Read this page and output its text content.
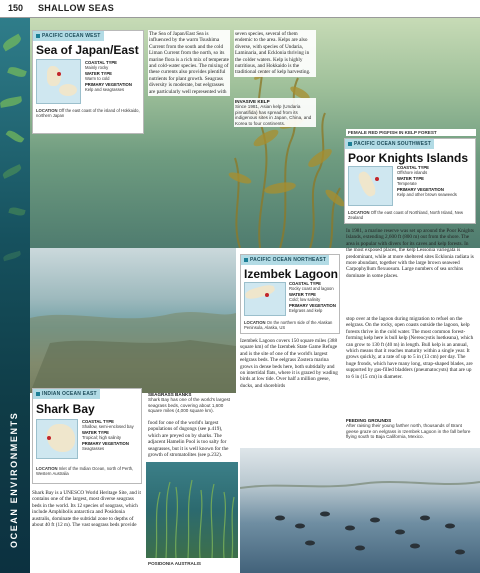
150 SHALLOW SEAS
OCEAN ENVIRONMENTS
PACIFIC OCEAN WEST
Sea of Japan/East
COASTAL TYPE
Mainly rocky
WATER TYPE
Warm to cold
PRIMARY VEGETATION
Kelp and seagrasses
LOCATION Off the east coast of the island of Hokkaido, northern Japan
The Sea of Japan/East Sea is influenced by the warm Tsushima Current from the south and the cold Liman Current from the north, so its marine flora is a rich mix of temperate and cold-water species. The mixing of these currents also provides plentiful nutrients for plant growth. Seagrass diversity is moderate, but eelgrasses are particularly well represented with
seven species, several of them endemic to the area. Kelps are also diverse, with species of Undaria, Laminaria, and Ecklonia thriving in the colder waters. Kelp is highly nutritious, and Hokkaido is the traditional center of kelp harvesting.
INVASIVE KELP
Since 1981, Asian kelp (Undaria pinnatifida) has spread from its indigenous sites in Japan, China, and Korea to four continents.
FEMALE RED PIGFISH IN KELP FOREST
PACIFIC OCEAN SOUTHWEST
Poor Knights Islands
COASTAL TYPE
Offshore islands
WATER TYPE
Temperate
PRIMARY VEGETATION
Kelp and other brown seaweeds
LOCATION Off the east coast of Northland, North Island, New Zealand
In 1981, a marine reserve was set up around the Poor Knights Islands, extending 2,600 ft (800 m) out from the shore. The area is popular with divers for its caves and kelp forests. In the most exposed places, the kelp Lessonia variegata is predominant, while at more sheltered sites Ecklonia radiata is more abundant, together with the large brown seaweed Carpophyllum flexuosum. Large numbers of sea urchins dominate in some places.
PACIFIC OCEAN NORTHEAST
Izembek Lagoon
COASTAL TYPE
Rocky coast and lagoon
WATER TYPE
Cold; low salinity
PRIMARY VEGETATION
Eelgrass and kelp
LOCATION On the northern side of the Alaskan Peninsula, Alaska, US
Izembek Lagoon covers 150 square miles (388 square km) of the Izembek State Game Refuge and is the site of one of the world's largest eelgrass beds. The eelgrass Zostera marina grows in dense beds here, both subtidally and on intertidal flats, where it is grazed by wading birds at low tide. Over half a million geese, ducks, and shorebirds
INDIAN OCEAN EAST
Shark Bay
COASTAL TYPE
Shallow, semi-enclosed bay
WATER TYPE
Tropical; high salinity
PRIMARY VEGETATION
Seagrasses
LOCATION Inlet of the Indian Ocean, north of Perth, Western Australia
Shark Bay is a UNESCO World Heritage Site, and it contains one of the largest, most diverse seagrass beds in the world. Its 12 species of seagrass, which include Amphibolis antarctica and Posidonia australis, dominate the subtidal zone to depths of about 40 ft (12 m). The vast seagrass beds provide
SEAGRASS BANKS
Shark Bay has one of the world's largest seagrass beds, covering about 1,600 square miles (4,000 square km).
food for one of the world's largest populations of dugongs (see p.419), which are preyed on by sharks. The adjacent Hamelin Pool is too salty for seagrasses, but it is well known for the growth of stromatolites (see p.232).
POSIDONIA AUSTRALIS
stop over at the lagoon during migration to refuel on the eelgrass. On the rocky, open coasts outside the lagoon, kelp forests thrive in the cold water. The most common forest-forming kelp here is bull kelp (Nereocystis luetkeana), which can grow to 130 ft (40 m) in length. Bull kelp is an annual, which means that it reaches maturity within a single year. It grows quickly, at a rate of up to 5 in (13 cm) per day. The huge fronds, which have many long, strap-shaped blades, are supported by gas-filled bladders (pneumatocysts) that are up to 6 in (15 cm) in diameter.
FEEDING GROUNDS
After raising their young farther north, thousands of Brant geese graze on eelgrass in Izembek Lagoon in the fall before flying south to Baja California, Mexico.
